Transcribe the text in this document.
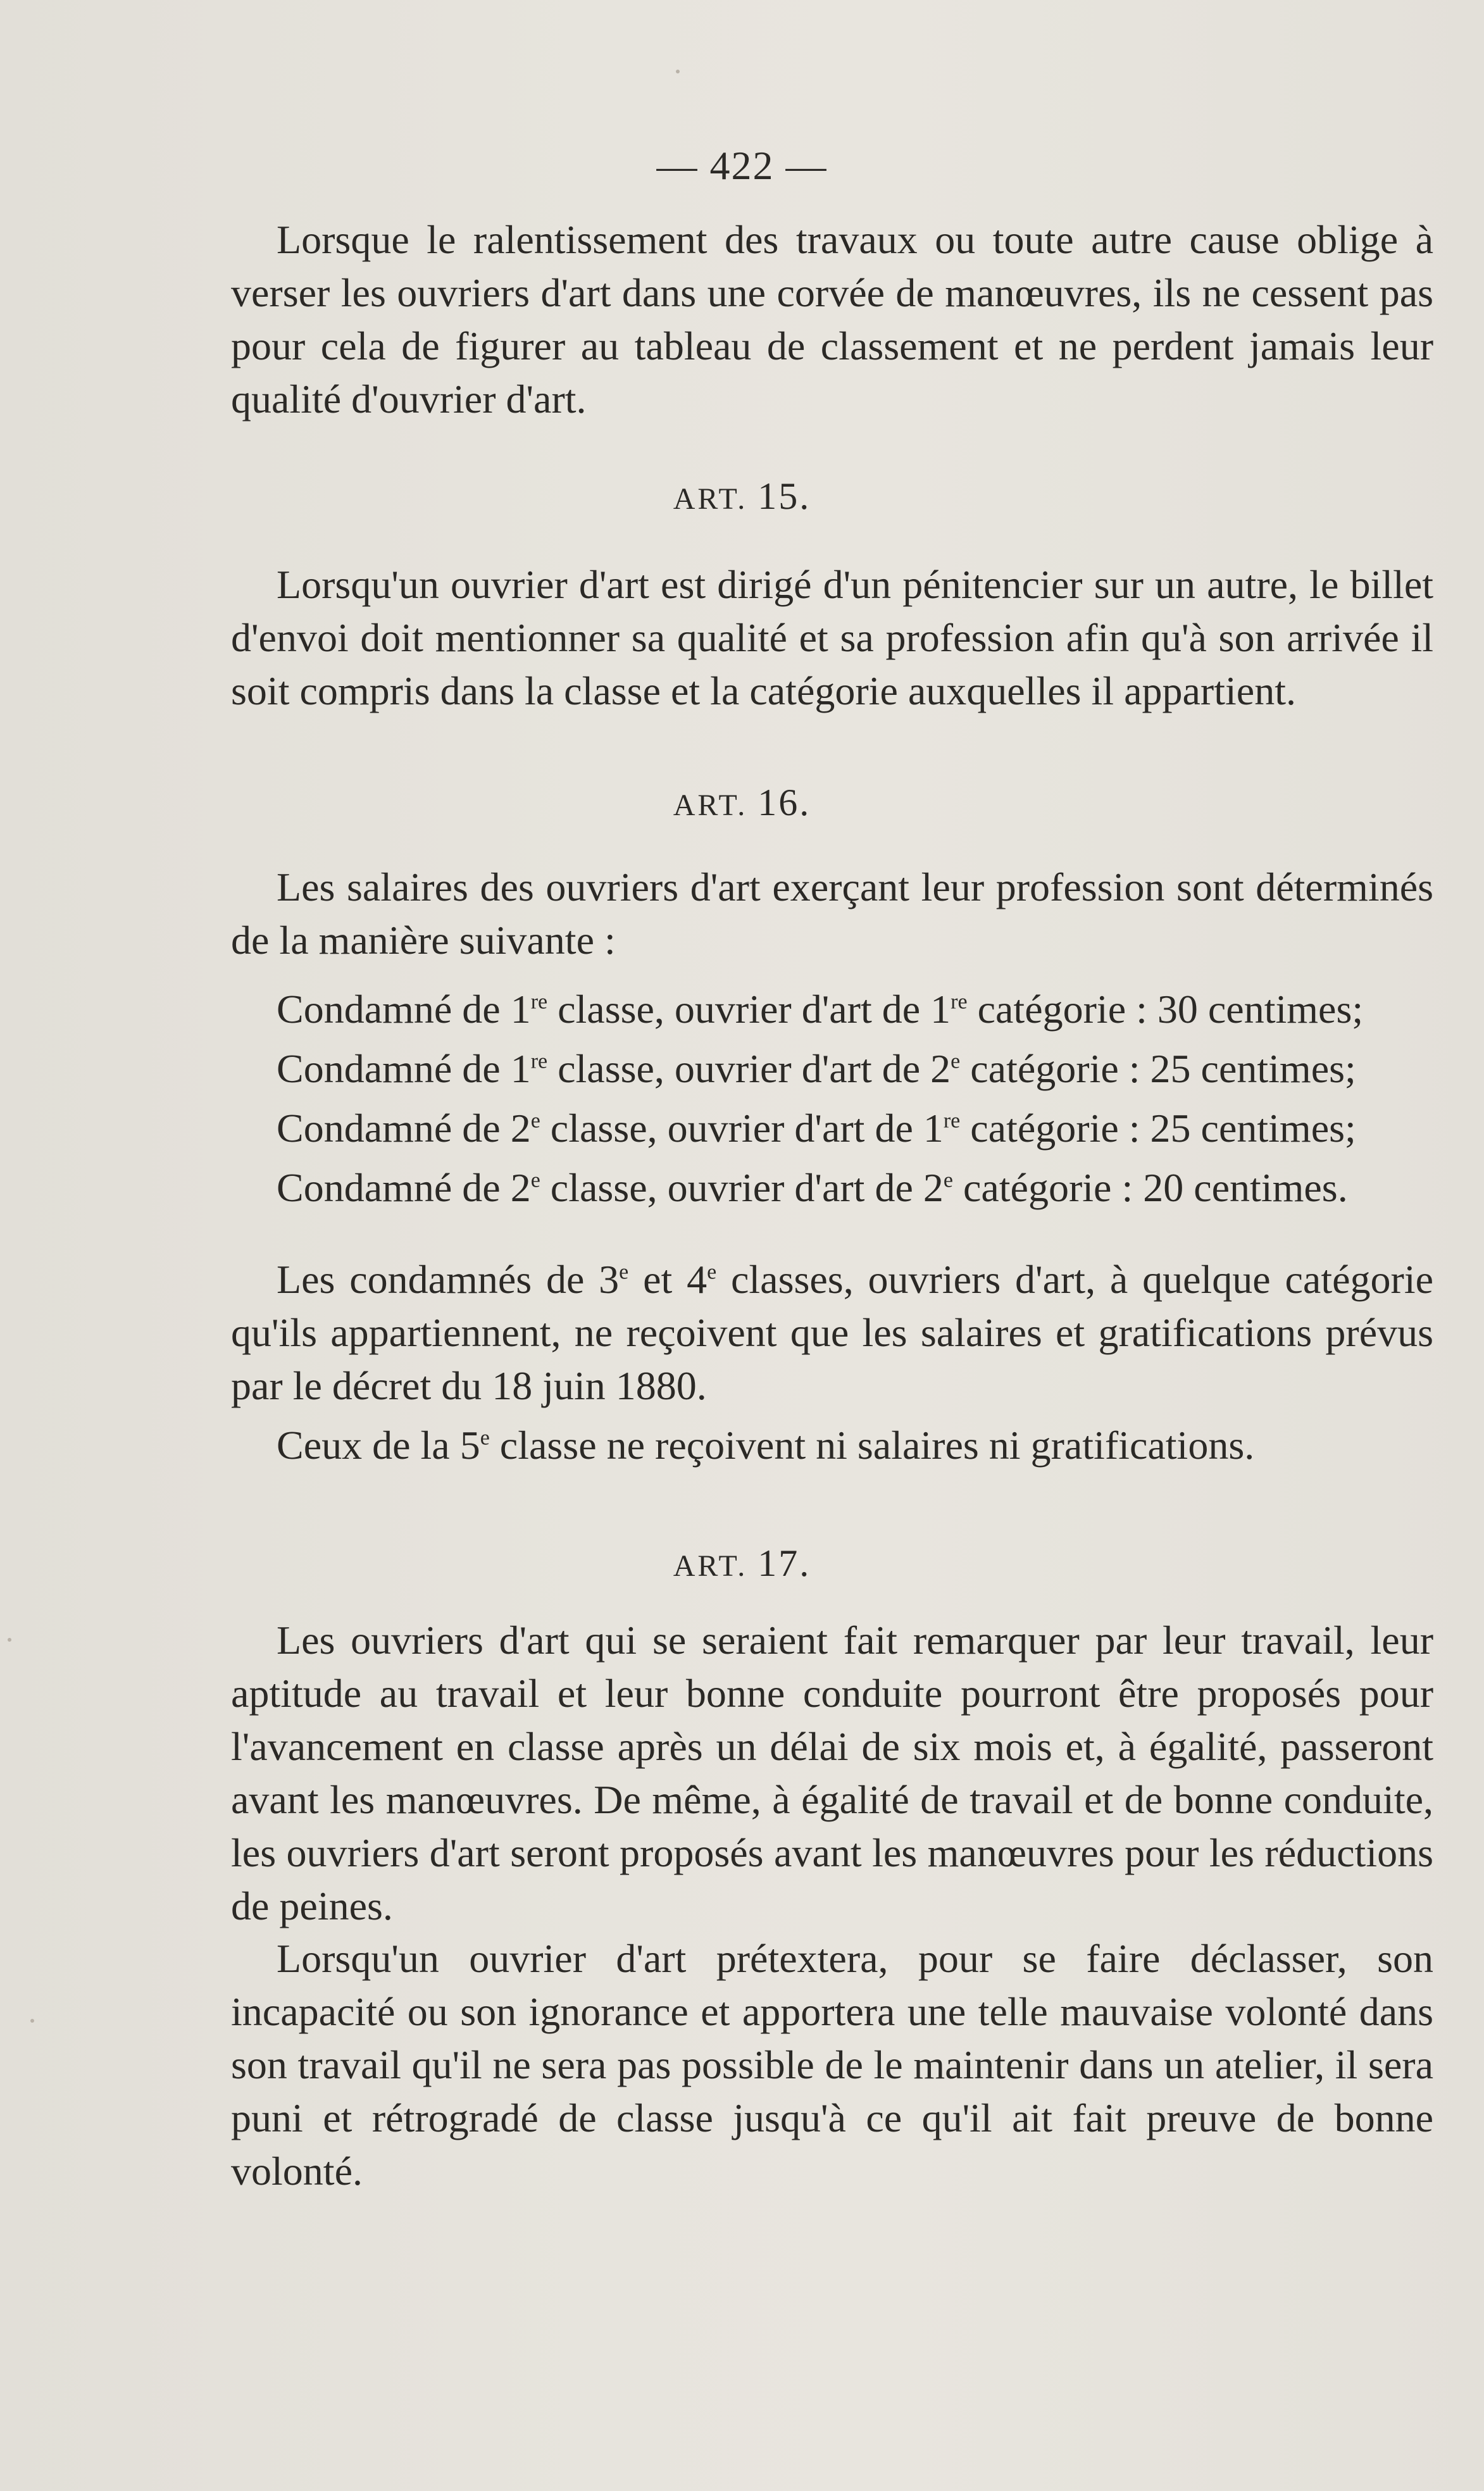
— 422 —

Lorsque le ralentissement des travaux ou toute autre cause oblige à verser les ouvriers d'art dans une corvée de manœuvres, ils ne cessent pas pour cela de figurer au tableau de classement et ne perdent jamais leur qualité d'ouvrier d'art.

ART. 15.

Lorsqu'un ouvrier d'art est dirigé d'un pénitencier sur un autre, le billet d'envoi doit mentionner sa qualité et sa profession afin qu'à son arrivée il soit compris dans la classe et la catégorie auxquelles il appartient.

ART. 16.

Les salaires des ouvriers d'art exerçant leur profession sont déterminés de la manière suivante :

Condamné de 1re classe, ouvrier d'art de 1re catégorie : 30 centimes;

Condamné de 1re classe, ouvrier d'art de 2e catégorie : 25 centimes;

Condamné de 2e classe, ouvrier d'art de 1re catégorie : 25 centimes;

Condamné de 2e classe, ouvrier d'art de 2e catégorie : 20 centimes.

Les condamnés de 3e et 4e classes, ouvriers d'art, à quelque catégorie qu'ils appartiennent, ne reçoivent que les salaires et gratifications prévus par le décret du 18 juin 1880.

Ceux de la 5e classe ne reçoivent ni salaires ni gratifications.

ART. 17.

Les ouvriers d'art qui se seraient fait remarquer par leur travail, leur aptitude au travail et leur bonne conduite pourront être proposés pour l'avancement en classe après un délai de six mois et, à égalité, passeront avant les manœuvres. De même, à égalité de travail et de bonne conduite, les ouvriers d'art seront proposés avant les manœuvres pour les réductions de peines.

Lorsqu'un ouvrier d'art prétextera, pour se faire déclasser, son incapacité ou son ignorance et apportera une telle mauvaise volonté dans son travail qu'il ne sera pas possible de le maintenir dans un atelier, il sera puni et rétrogradé de classe jusqu'à ce qu'il ait fait preuve de bonne volonté.
